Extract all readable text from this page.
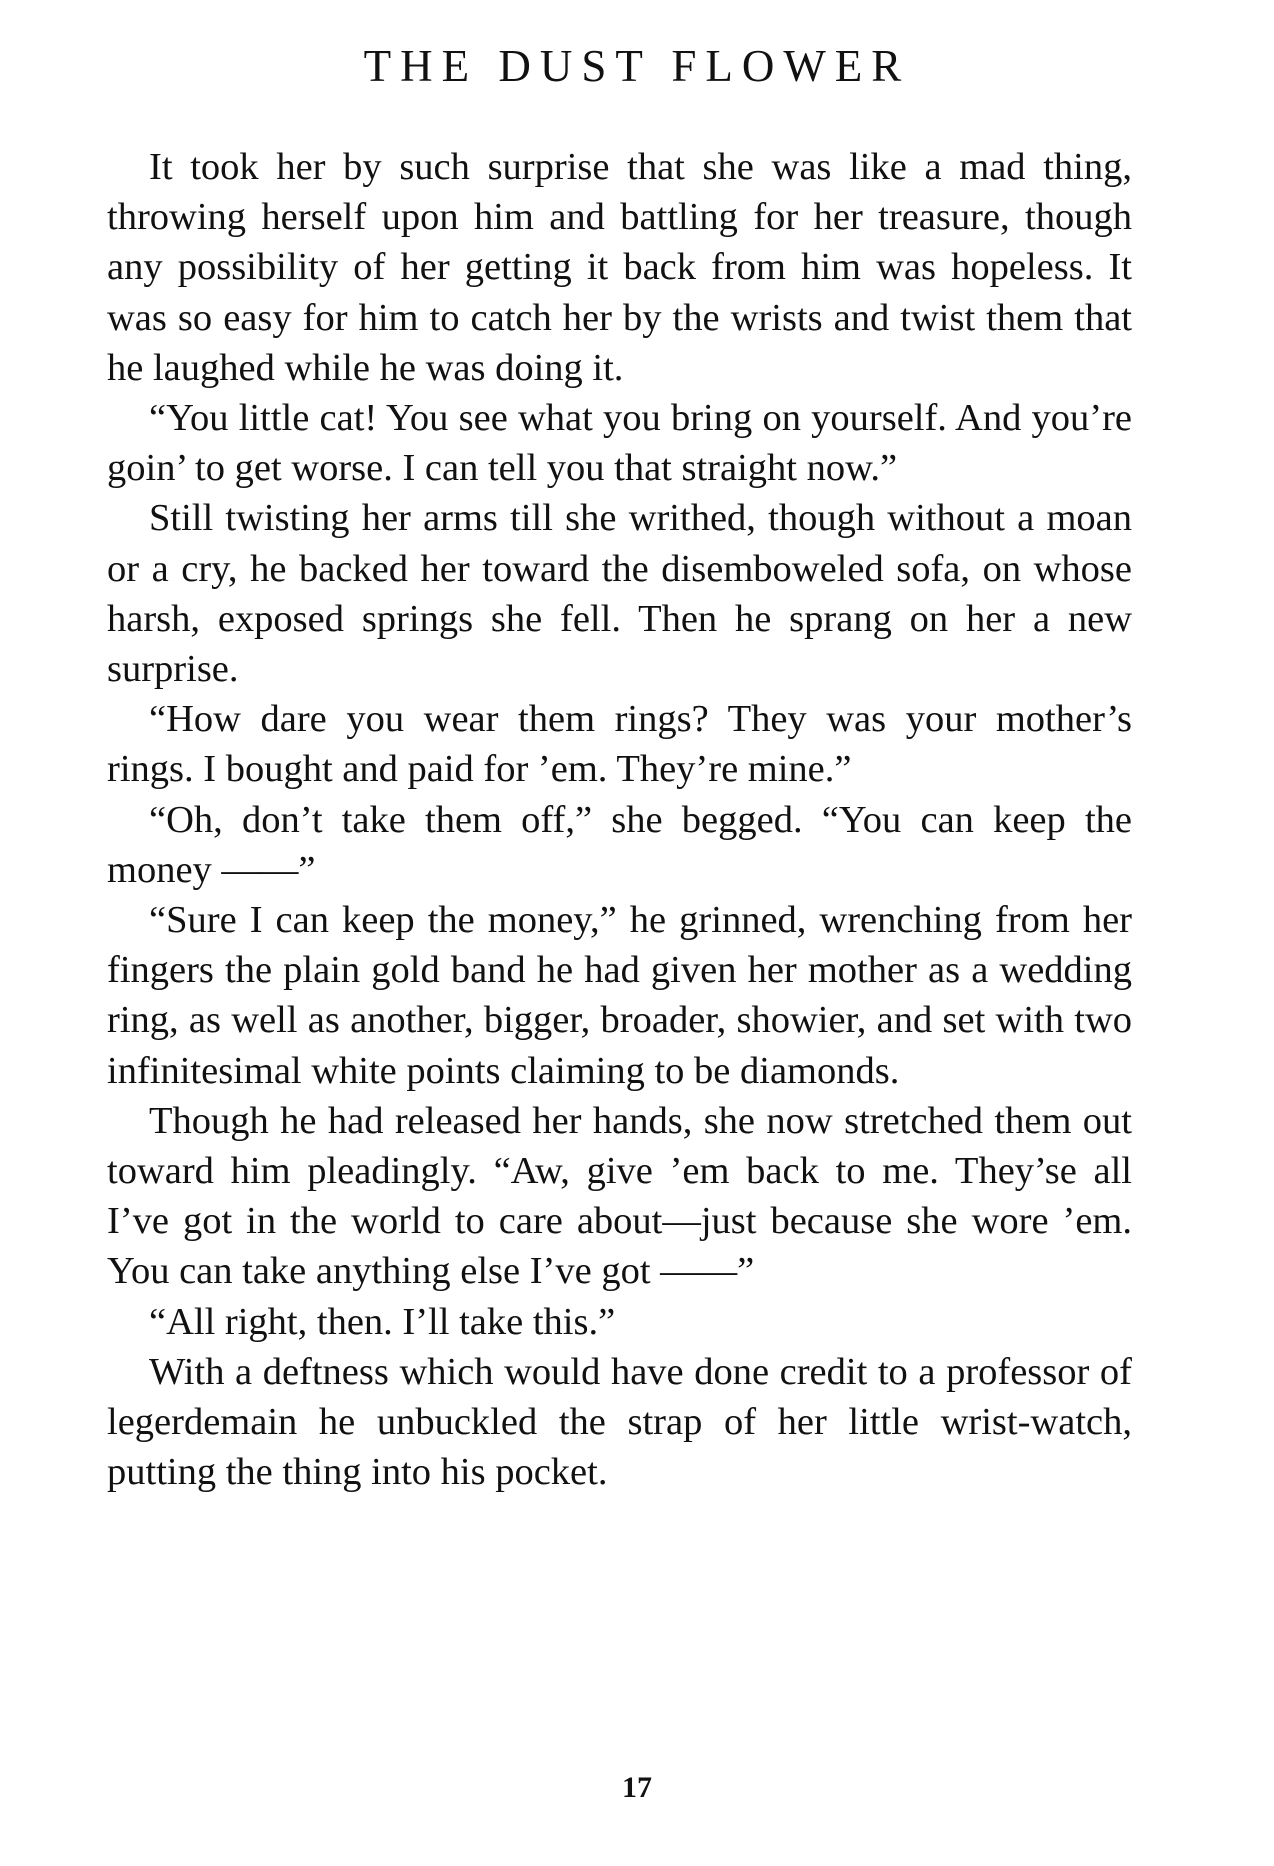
THE DUST FLOWER

It took her by such surprise that she was like a mad thing, throwing herself upon him and battling for her treasure, though any possibility of her getting it back from him was hopeless. It was so easy for him to catch her by the wrists and twist them that he laughed while he was doing it.

“You little cat! You see what you bring on yourself. And you’re goin’ to get worse. I can tell you that straight now.”

Still twisting her arms till she writhed, though without a moan or a cry, he backed her toward the disemboweled sofa, on whose harsh, exposed springs she fell. Then he sprang on her a new surprise.

“How dare you wear them rings? They was your mother’s rings. I bought and paid for ’em. They’re mine.”

“Oh, don’t take them off,” she begged. “You can keep the money ——”

“Sure I can keep the money,” he grinned, wrenching from her fingers the plain gold band he had given her mother as a wedding ring, as well as another, bigger, broader, showier, and set with two infinitesimal white points claiming to be diamonds.

Though he had released her hands, she now stretched them out toward him pleadingly. “Aw, give ’em back to me. They’se all I’ve got in the world to care about—just because she wore ’em. You can take anything else I’ve got ——”

“All right, then. I’ll take this.”

With a deftness which would have done credit to a professor of legerdemain he unbuckled the strap of her little wrist-watch, putting the thing into his pocket.

17
